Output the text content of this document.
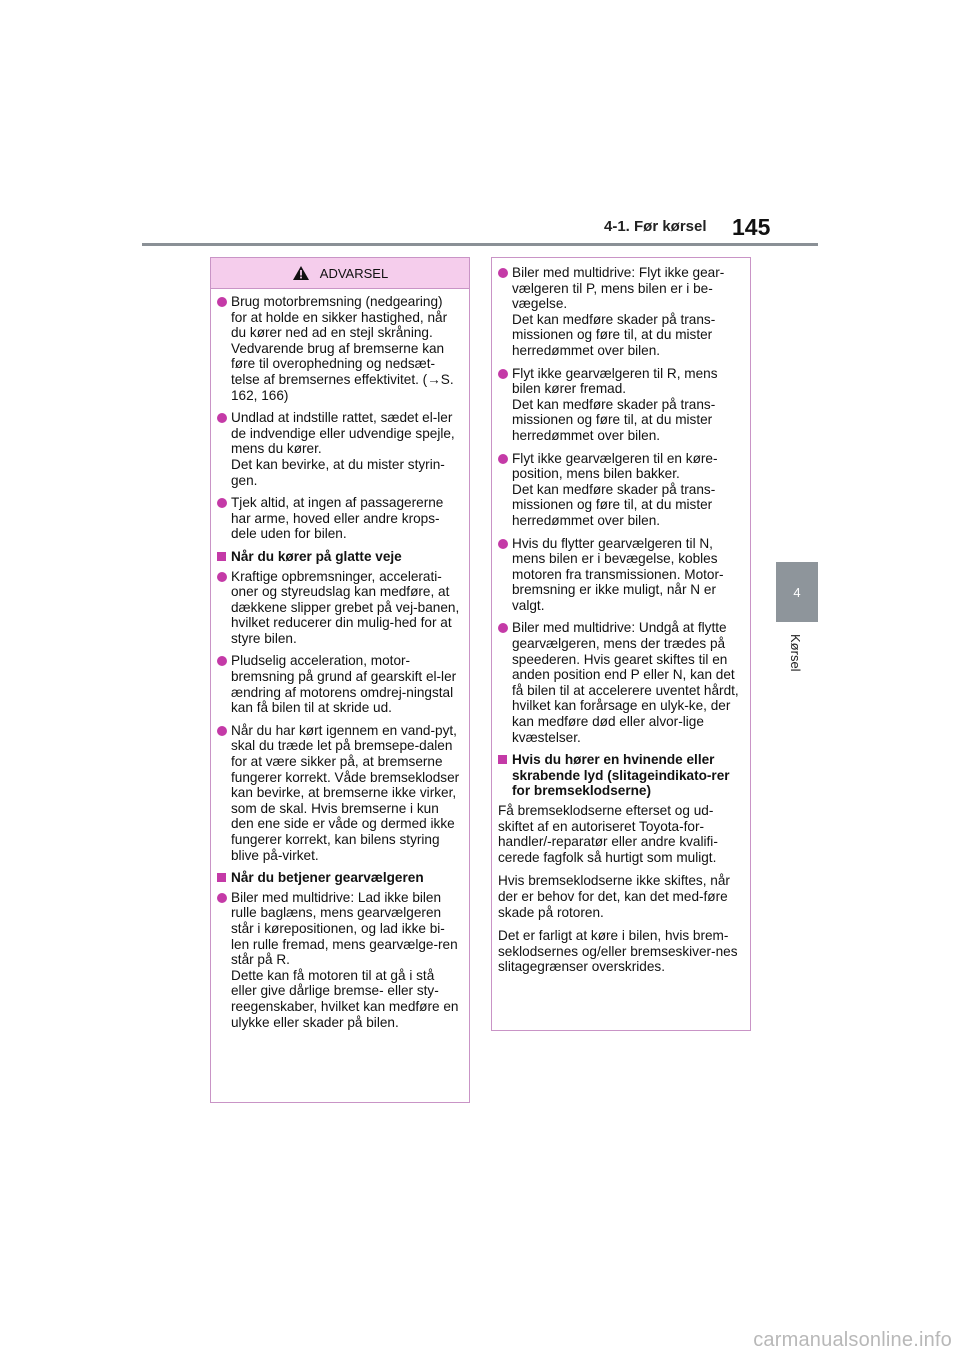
4-1. Før kørsel 145
4
Kørsel
ADVARSEL
Brug motorbremsning (nedgearing) for at holde en sikker hastighed, når du kører ned ad en stejl skråning. Vedvarende brug af bremserne kan føre til overophedning og nedsæt-telse af bremsernes effektivitet. (→S. 162, 166)
Undlad at indstille rattet, sædet el-ler de indvendige eller udvendige spejle, mens du kører.
Det kan bevirke, at du mister styrin-gen.
Tjek altid, at ingen af passagererne har arme, hoved eller andre krops-dele uden for bilen.
Når du kører på glatte veje
Kraftige opbremsninger, accelerati-oner og styreudslag kan medføre, at dækkene slipper grebet på vej-banen, hvilket reducerer din mulig-hed for at styre bilen.
Pludselig acceleration, motor-bremsning på grund af gearskift el-ler ændring af motorens omdrej-ningstal kan få bilen til at skride ud.
Når du har kørt igennem en vand-pyt, skal du træde let på bremsepe-dalen for at være sikker på, at bremserne fungerer korrekt. Våde bremseklodser kan bevirke, at bremserne ikke virker, som de skal. Hvis bremserne i kun den ene side er våde og dermed ikke fungerer korrekt, kan bilens styring blive på-virket.
Når du betjener gearvælgeren
Biler med multidrive: Lad ikke bilen rulle baglæns, mens gearvælgeren står i kørepositionen, og lad ikke bi-len rulle fremad, mens gearvælge-ren står på R.
Dette kan få motoren til at gå i stå eller give dårlige bremse- eller sty-reegenskaber, hvilket kan medføre en ulykke eller skader på bilen.
Biler med multidrive: Flyt ikke gear-vælgeren til P, mens bilen er i be-vægelse.
Det kan medføre skader på trans-missionen og føre til, at du mister herredømmet over bilen.
Flyt ikke gearvælgeren til R, mens bilen kører fremad.
Det kan medføre skader på trans-missionen og føre til, at du mister herredømmet over bilen.
Flyt ikke gearvælgeren til en køre-position, mens bilen bakker.
Det kan medføre skader på trans-missionen og føre til, at du mister herredømmet over bilen.
Hvis du flytter gearvælgeren til N, mens bilen er i bevægelse, kobles motoren fra transmissionen. Motor-bremsning er ikke muligt, når N er valgt.
Biler med multidrive: Undgå at flytte gearvælgeren, mens der trædes på speederen. Hvis gearet skiftes til en anden position end P eller N, kan det få bilen til at accelerere uventet hårdt, hvilket kan forårsage en ulyk-ke, der kan medføre død eller alvor-lige kvæstelser.
Hvis du hører en hvinende eller skrabende lyd (slitageindikato-rer for bremseklodserne)
Få bremseklodserne efterset og ud-skiftet af en autoriseret Toyota-for-handler/-reparatør eller andre kvalifi-cerede fagfolk så hurtigt som muligt.
Hvis bremseklodserne ikke skiftes, når der er behov for det, kan det med-føre skade på rotoren.
Det er farligt at køre i bilen, hvis brem-seklodsernes og/eller bremseskiver-nes slitagegrænser overskrides.
carmanualsonline.info
